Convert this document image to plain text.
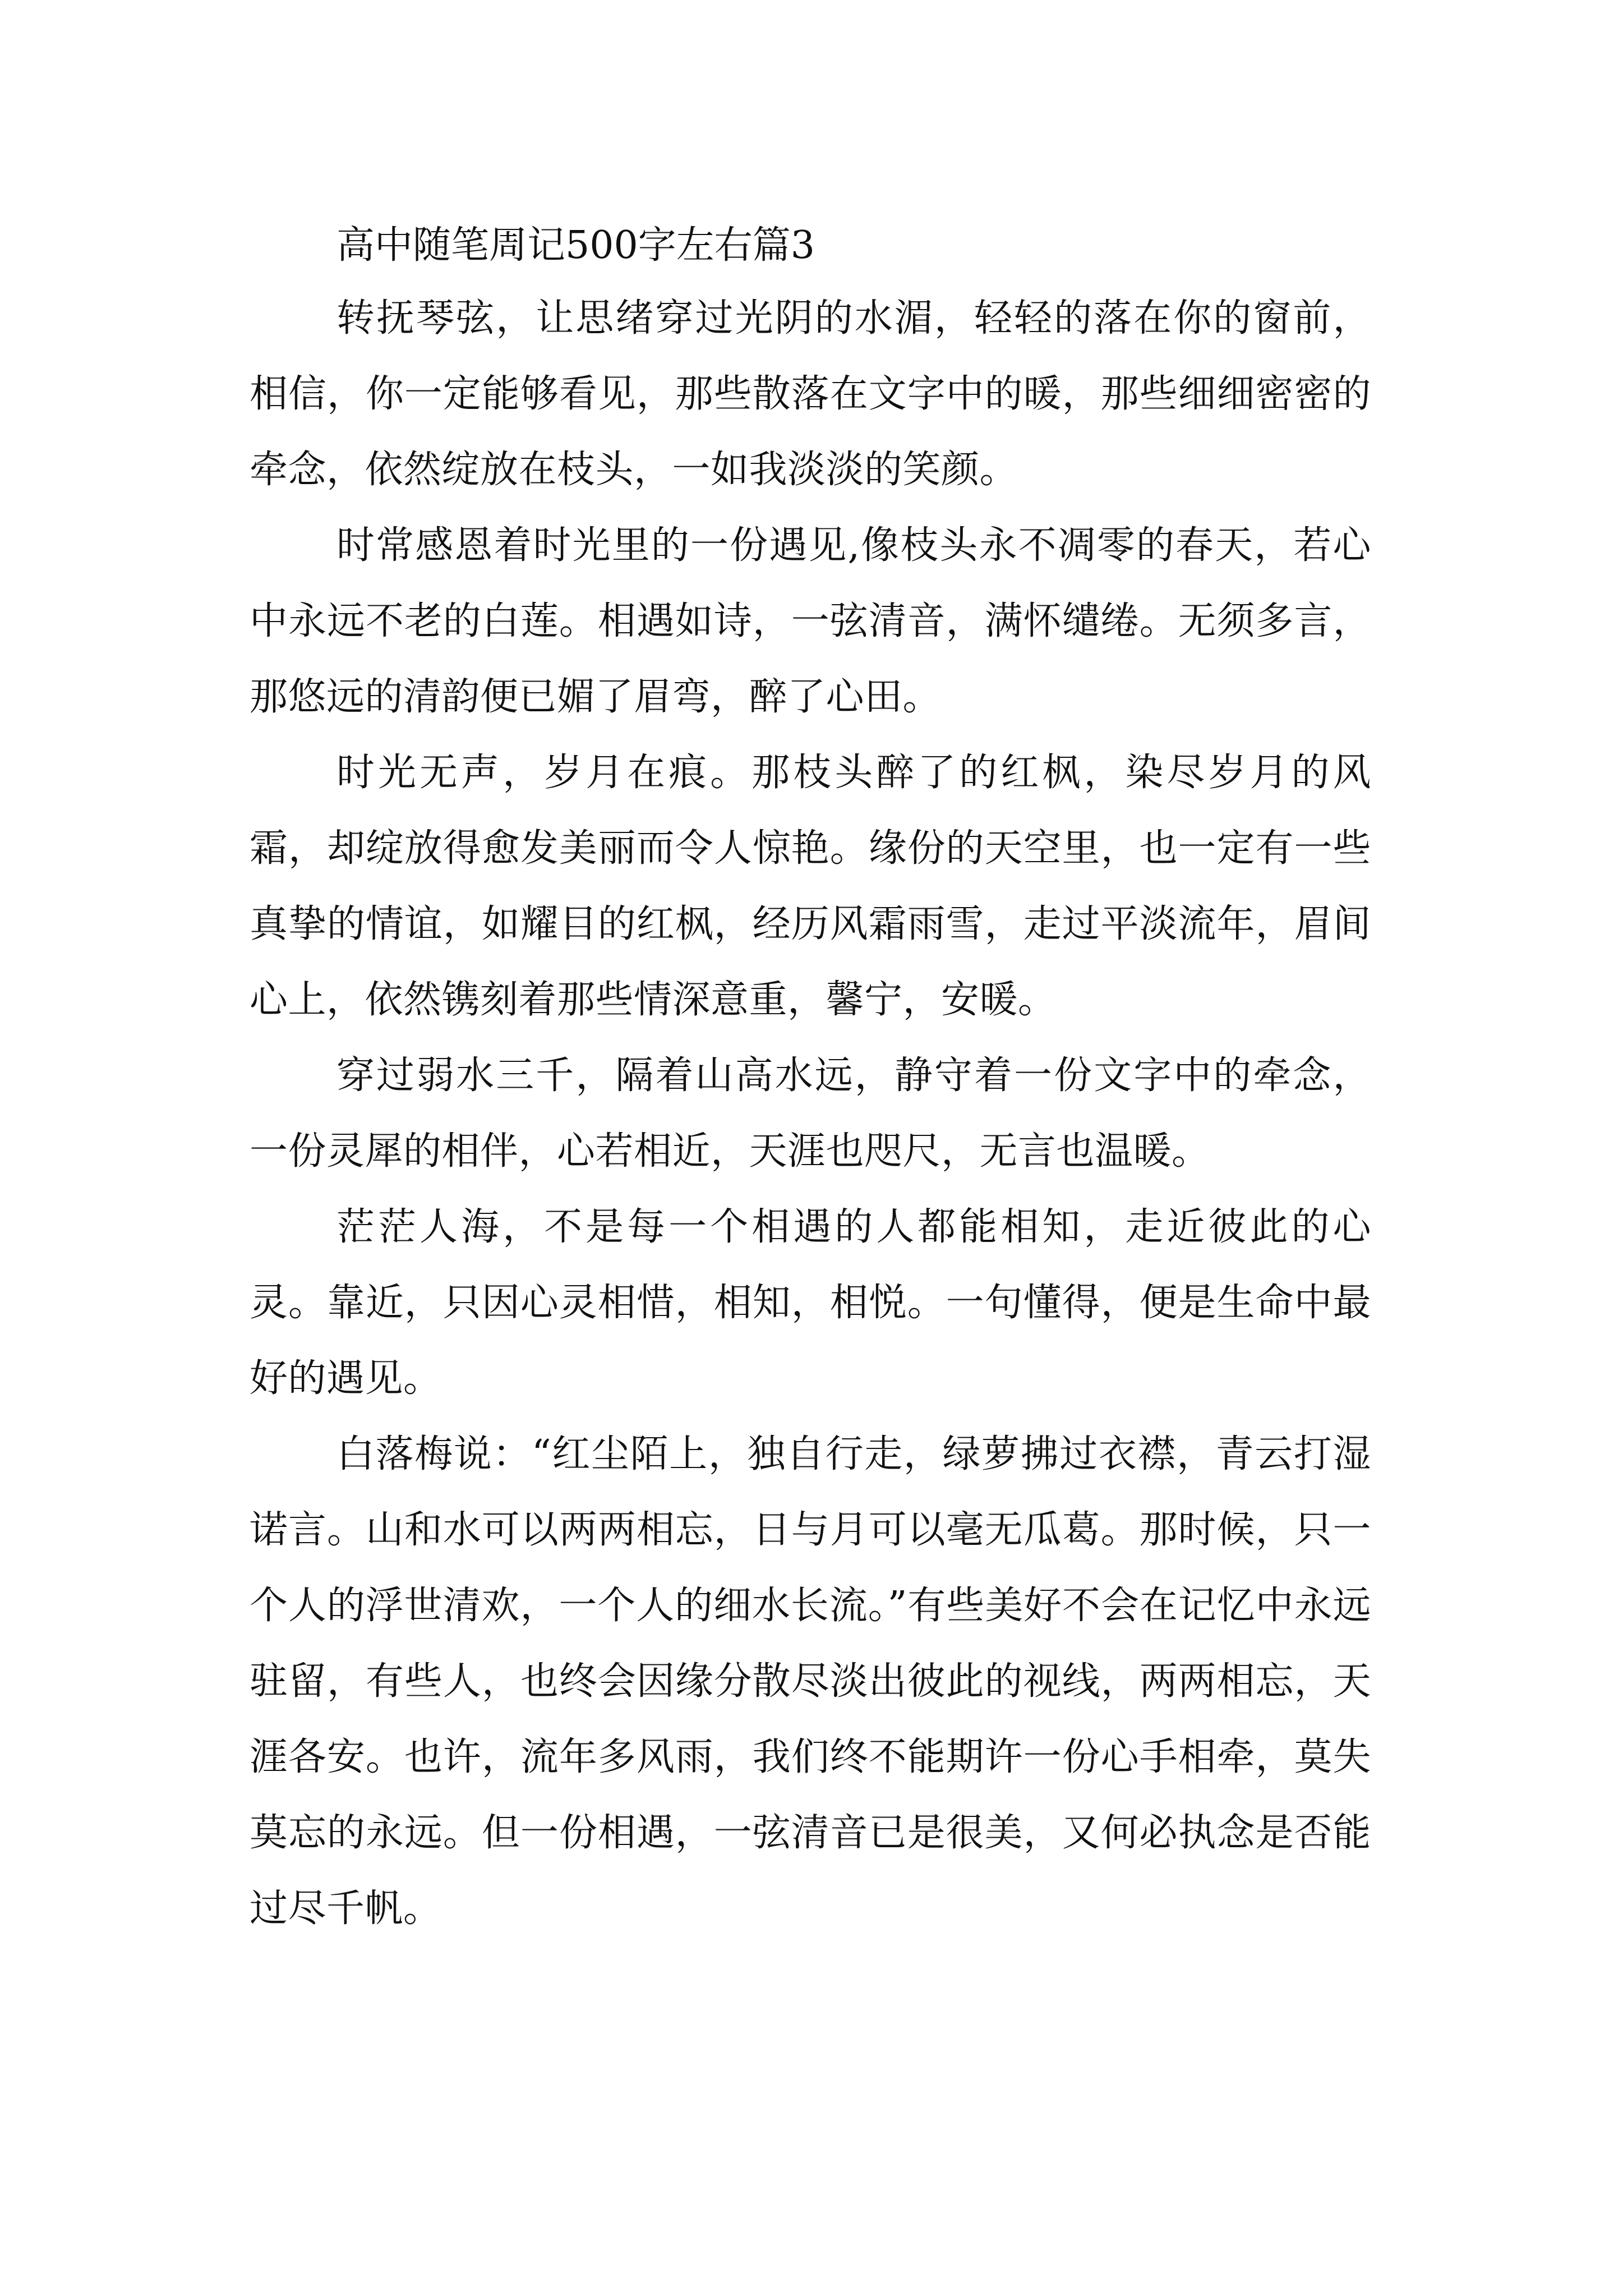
高中随笔周记500字左右篇3

转抚琴弦，让思绪穿过光阴的水湄，轻轻的落在你的窗前，相信，你一定能够看见，那些散落在文字中的暖，那些细细密密的牵念，依然绽放在枝头，一如我淡淡的笑颜。

时常感恩着时光里的一份遇见,像枝头永不凋零的春天，若心中永远不老的白莲。相遇如诗，一弦清音，满怀缱绻。无须多言，那悠远的清韵便已媚了眉弯，醉了心田。

时光无声，岁月在痕。那枝头醉了的红枫，染尽岁月的风霜，却绽放得愈发美丽而令人惊艳。缘份的天空里，也一定有一些真挚的情谊，如耀目的红枫，经历风霜雨雪，走过平淡流年，眉间心上，依然镌刻着那些情深意重，馨宁，安暖。

穿过弱水三千，隔着山高水远，静守着一份文字中的牵念，一份灵犀的相伴，心若相近，天涯也咫尺，无言也温暖。

茫茫人海，不是每一个相遇的人都能相知，走近彼此的心灵。靠近，只因心灵相惜，相知，相悦。一句懂得，便是生命中最好的遇见。

白落梅说：“红尘陌上，独自行走，绿萝拂过衣襟，青云打湿诺言。山和水可以两两相忘，日与月可以毫无瓜葛。那时候，只一个人的浮世清欢，一个人的细水长流。”有些美好不会在记忆中永远驻留，有些人，也终会因缘分散尽淡出彼此的视线，两两相忘，天涯各安。也许，流年多风雨，我们终不能期许一份心手相牵，莫失莫忘的永远。但一份相遇，一弦清音已是很美，又何必执念是否能过尽千帆。
